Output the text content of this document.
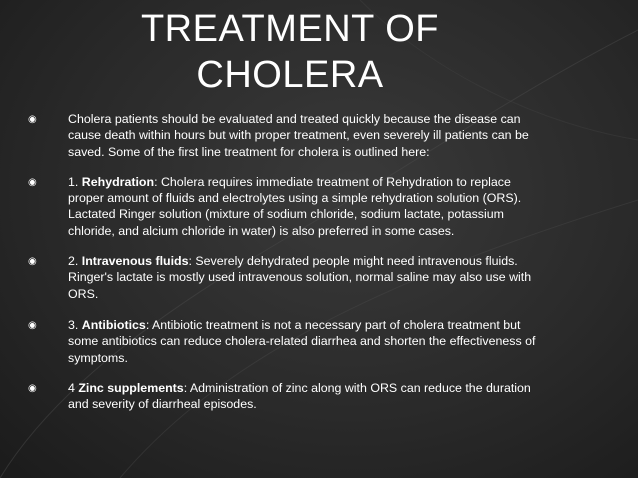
TREATMENT OF
CHOLERA
◉	Cholera patients should be evaluated and treated quickly because the disease can cause death within hours but with proper treatment, even severely ill patients can be saved. Some of the first line treatment for cholera is outlined here:
◉	1. Rehydration: Cholera requires immediate treatment of Rehydration to replace proper amount of fluids and electrolytes using a simple rehydration solution (ORS). Lactated Ringer solution (mixture of sodium chloride, sodium lactate, potassium chloride, and alcium chloride in water) is also preferred in some cases.
◉	2. Intravenous fluids: Severely dehydrated people might need intravenous fluids. Ringer's lactate is mostly used intravenous solution, normal saline may also use with ORS.
◉	3. Antibiotics: Antibiotic treatment is not a necessary part of cholera treatment but some antibiotics can reduce cholera-related diarrhea and shorten the effectiveness of symptoms.
◉	4 Zinc supplements: Administration of zinc along with ORS can reduce the duration and severity of diarrheal episodes.
